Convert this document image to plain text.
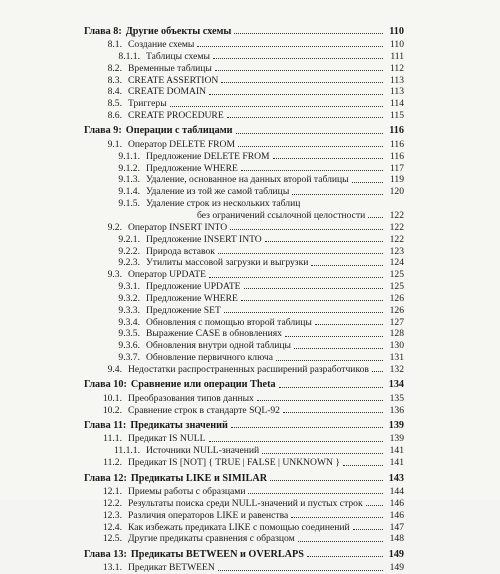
Глава 8: Другие объекты схемы	110
8.1. Создание схемы	110
8.1.1. Таблицы схемы	111
8.2. Временные таблицы	112
8.3. CREATE ASSERTION	113
8.4. CREATE DOMAIN	113
8.5. Триггеры	114
8.6. CREATE PROCEDURE	115
Глава 9: Операции с таблицами	116
9.1. Оператор DELETE FROM	116
9.1.1. Предложение DELETE FROM	116
9.1.2. Предложение WHERE	117
9.1.3. Удаление, основанное на данных второй таблицы	119
9.1.4. Удаление из той же самой таблицы	120
9.1.5. Удаление строк из нескольких таблиц
без ограничений ссылочной целостности	122
9.2. Оператор INSERT INTO	122
9.2.1. Предложение INSERT INTO	122
9.2.2. Природа вставок	123
9.2.3. Утилиты массовой загрузки и выгрузки	124
9.3. Оператор UPDATE	125
9.3.1. Предложение UPDATE	125
9.3.2. Предложение WHERE	126
9.3.3. Предложение SET	126
9.3.4. Обновления с помощью второй таблицы	127
9.3.5. Выражение CASE в обновлениях	128
9.3.6. Обновления внутри одной таблицы	130
9.3.7. Обновление первичного ключа	131
9.4. Недостатки распространенных расширений разработчиков	132
Глава 10: Сравнение или операции Theta	134
10.1. Преобразования типов данных	135
10.2. Сравнение строк в стандарте SQL-92	136
Глава 11: Предикаты значений	139
11.1. Предикат IS NULL	139
11.1.1. Источники NULL-значений	141
11.2. Предикат IS [NOT] { TRUE | FALSE | UNKNOWN }	141
Глава 12: Предикаты LIKE и SIMILAR	143
12.1. Приемы работы с образцами	144
12.2. Результаты поиска среди NULL-значений и пустых строк	146
12.3. Различия операторов LIKE и равенства	146
12.4. Как избежать предиката LIKE с помощью соединений	147
12.5. Другие предикаты сравнения с образцом	148
Глава 13: Предикаты BETWEEN и OVERLAPS	149
13.1. Предикат BETWEEN	149
